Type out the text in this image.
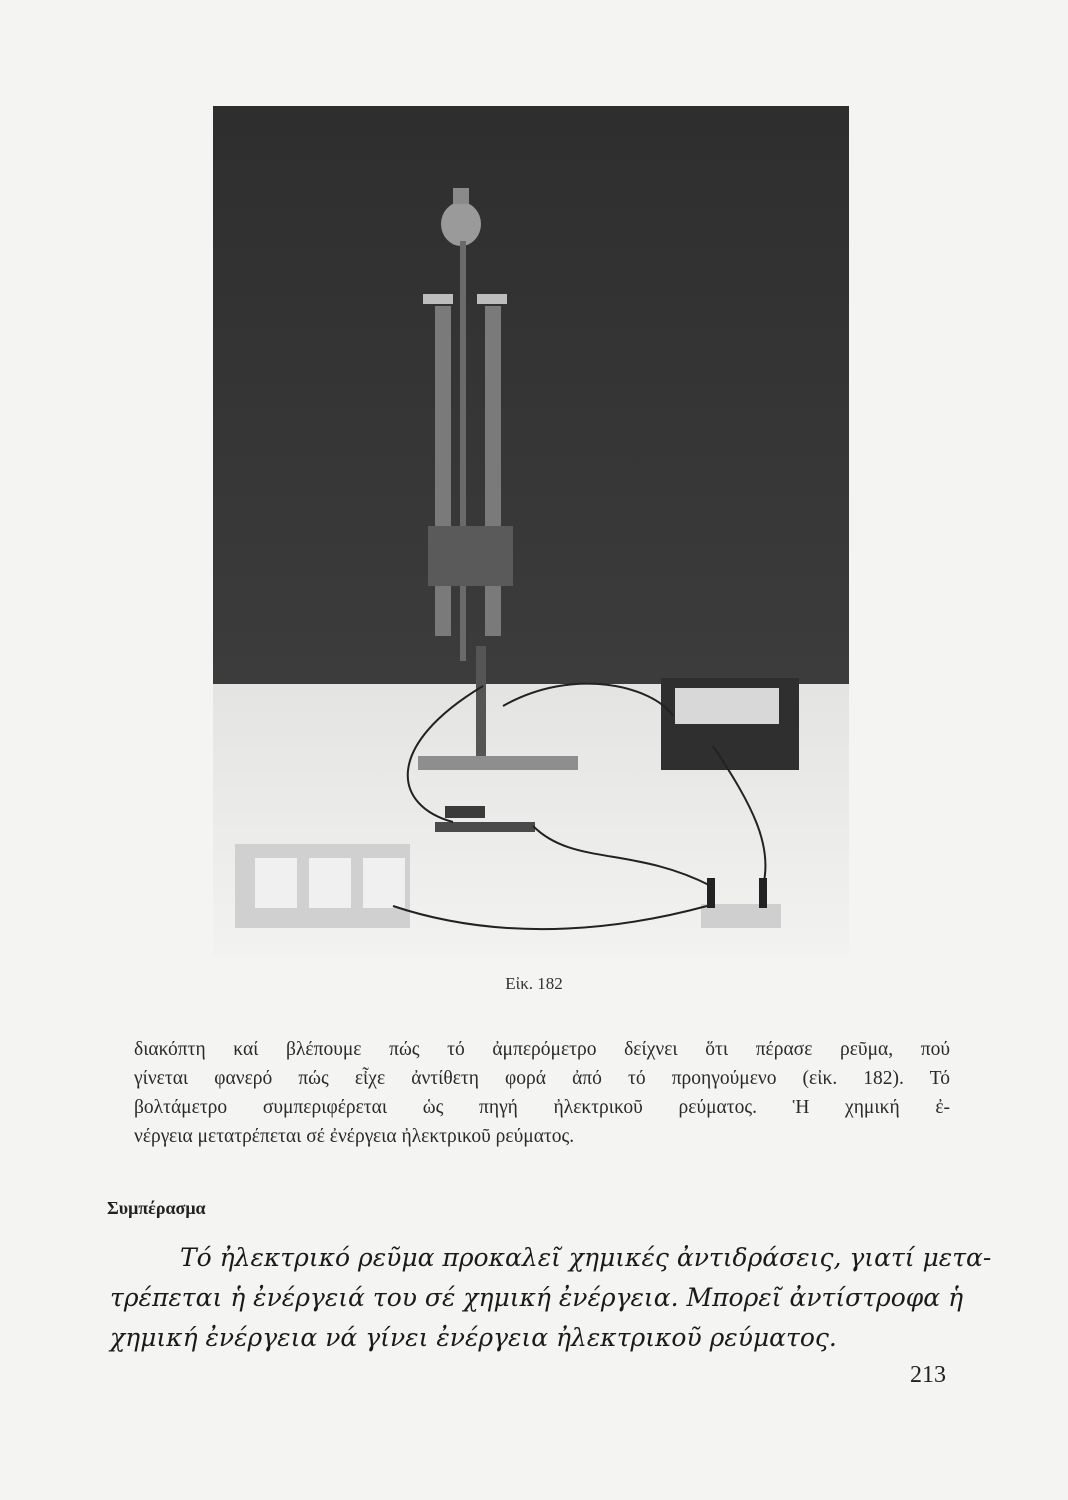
Εἰκ. 182
διακόπτη καί βλέπουμε πώς τό ἀμπερόμετρο δείχνει ὅτι πέρασε ρεῦμα, πού
γίνεται φανερό πώς εἶχε ἀντίθετη φορά ἀπό τό προηγούμενο (εἰκ. 182). Τό
βολτάμετρο συμπεριφέρεται ὡς πηγή ἠλεκτρικοῦ ρεύματος. Ἡ χημική ἐ-
νέργεια μετατρέπεται σέ ἐνέργεια ἠλεκτρικοῦ ρεύματος.
Συμπέρασμα
Τό ἠλεκτρικό ρεῦμα προκαλεῖ χημικές ἀντιδράσεις, γιατί μετα-
τρέπεται ἡ ἐνέργειά του σέ χημική ἐνέργεια. Μπορεῖ ἀντίστροφα ἡ
χημική ἐνέργεια νά γίνει ἐνέργεια ἠλεκτρικοῦ ρεύματος.
213
